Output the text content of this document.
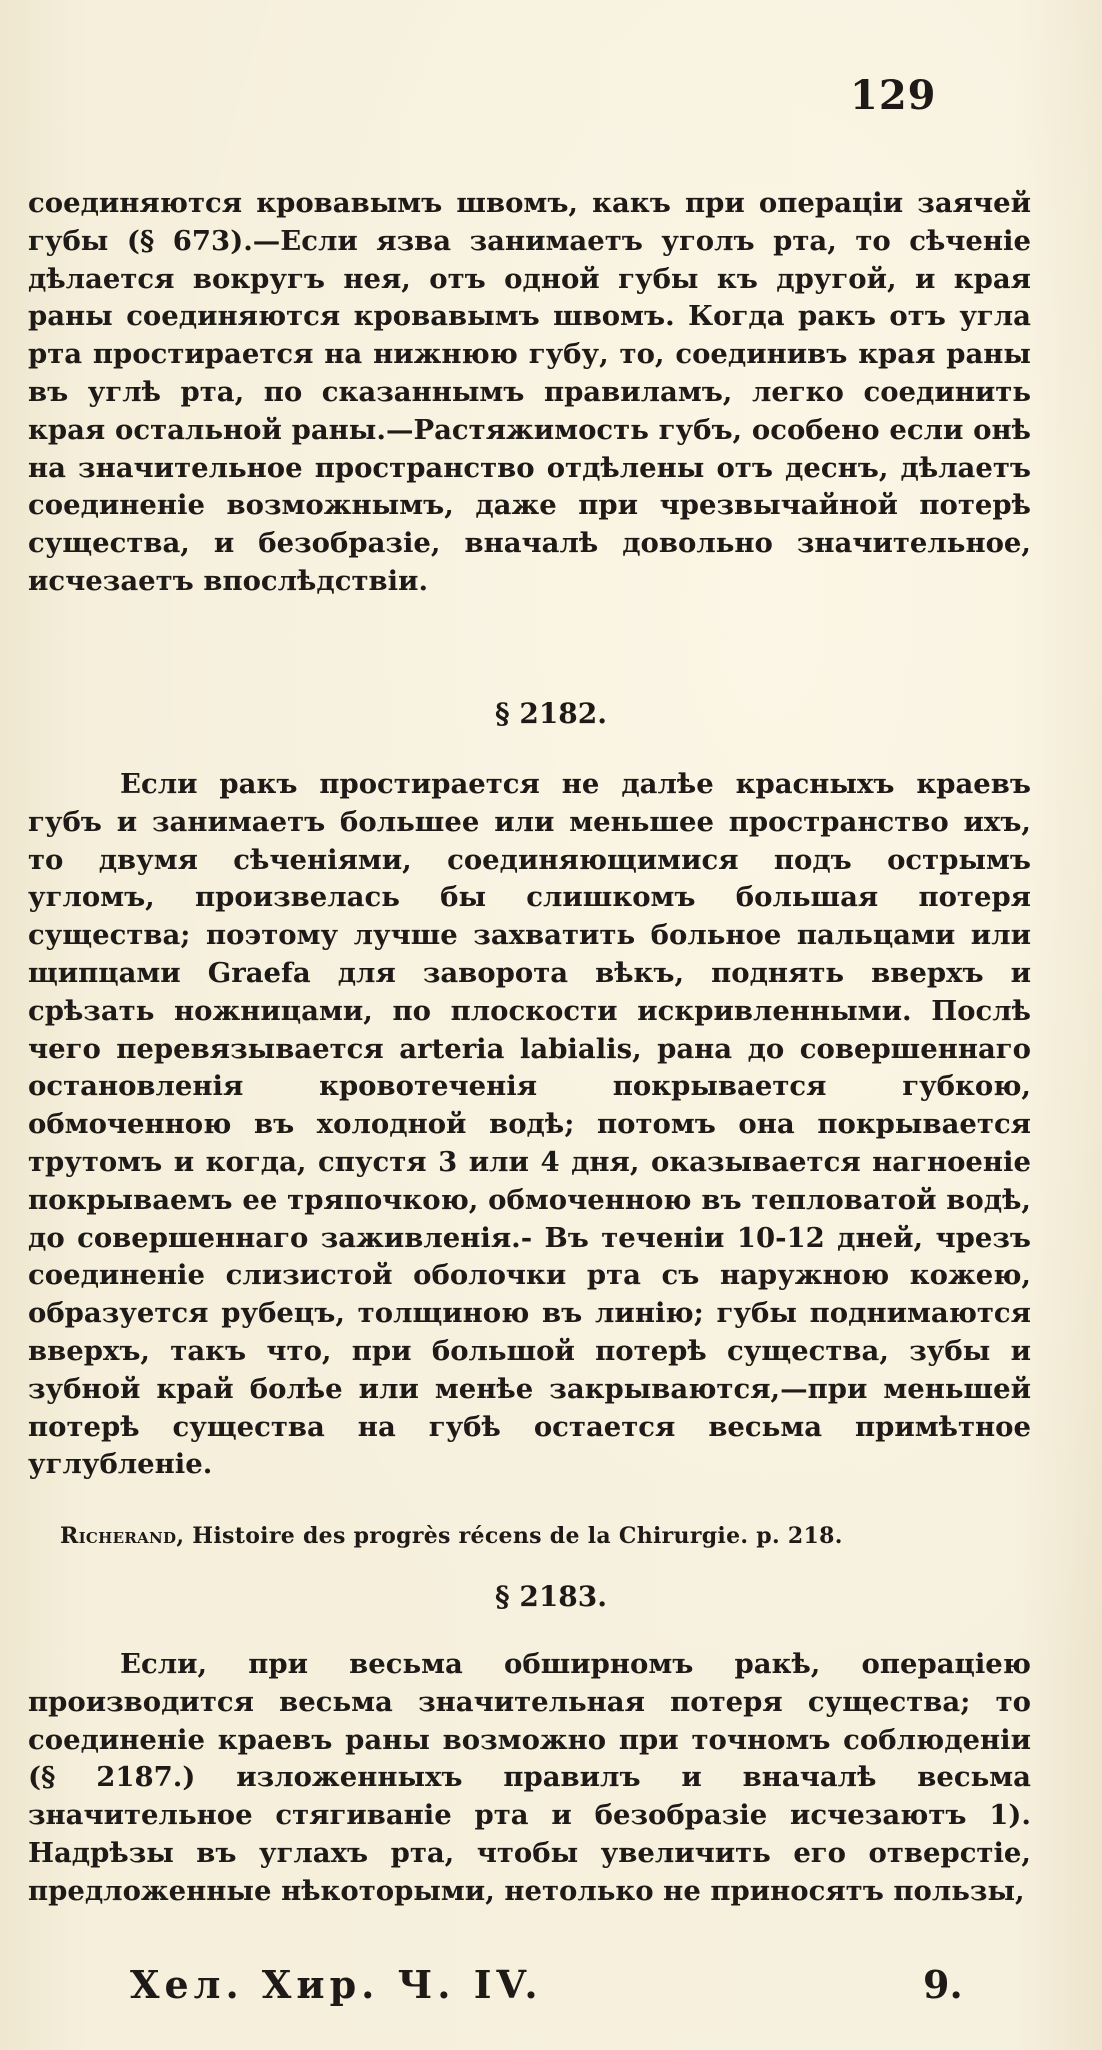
129

соединяются кровавымъ швомъ, какъ при операціи заячей губы (§ 673).—Если язва занимаетъ уголъ рта, то сѣченіе дѣлается вокругъ нея, отъ одной губы къ другой, и края раны соединяются кровавымъ швомъ. Когда ракъ отъ угла рта простирается на нижнюю губу, то, соединивъ края раны въ углѣ рта, по сказаннымъ правиламъ, легко соединить края остальной раны.—Растяжимость губъ, особено если онѣ на значительное пространство отдѣлены отъ деснъ, дѣлаетъ соединеніе возможнымъ, даже при чрезвычайной потерѣ существа, и безобразіе, вначалѣ довольно значительное, исчезаетъ впослѣдствіи.

§ 2182.

Если ракъ простирается не далѣе красныхъ краевъ губъ и занимаетъ большее или меньшее пространство ихъ, то двумя сѣченіями, соединяющимися подъ острымъ угломъ, произвелась бы слишкомъ большая потеря существа; поэтому лучше захватить больное пальцами или щипцами Graefa для заворота вѣкъ, поднять вверхъ и срѣзать ножницами, по плоскости искривленными. Послѣ чего перевязывается arteria labialis, рана до совершеннаго остановленія кровотеченія покрывается губкою, обмоченною въ холодной водѣ; потомъ она покрывается трутомъ и когда, спустя 3 или 4 дня, оказывается нагноеніе покрываемъ ее тряпочкою, обмоченною въ тепловатой водѣ, до совершеннаго заживленія.- Въ теченіи 10-12 дней, чрезъ соединеніе слизистой оболочки рта съ наружною кожею, образуется рубецъ, толщиною въ линію; губы поднимаются вверхъ, такъ что, при большой потерѣ существа, зубы и зубной край болѣе или менѣе закрываются,—при меньшей потерѣ существа на губѣ остается весьма примѣтное углубленіе.

Richerand, Histoire des progrès récens de la Chirurgie. p. 218.
§ 2183.

Если, при весьма обширномъ ракѣ, операціею производится весьма значительная потеря существа; то соединеніе краевъ раны возможно при точномъ соблюденіи (§ 2187.) изложенныхъ правилъ и вначалѣ весьма значительное стягиваніе рта и безобразіе исчезаютъ 1). Надрѣзы въ углахъ рта, чтобы увеличить его отверстіе, предложенные нѣкоторыми, нетолько не приносятъ пользы,

Хел. Хир. Ч. IV.	9.
